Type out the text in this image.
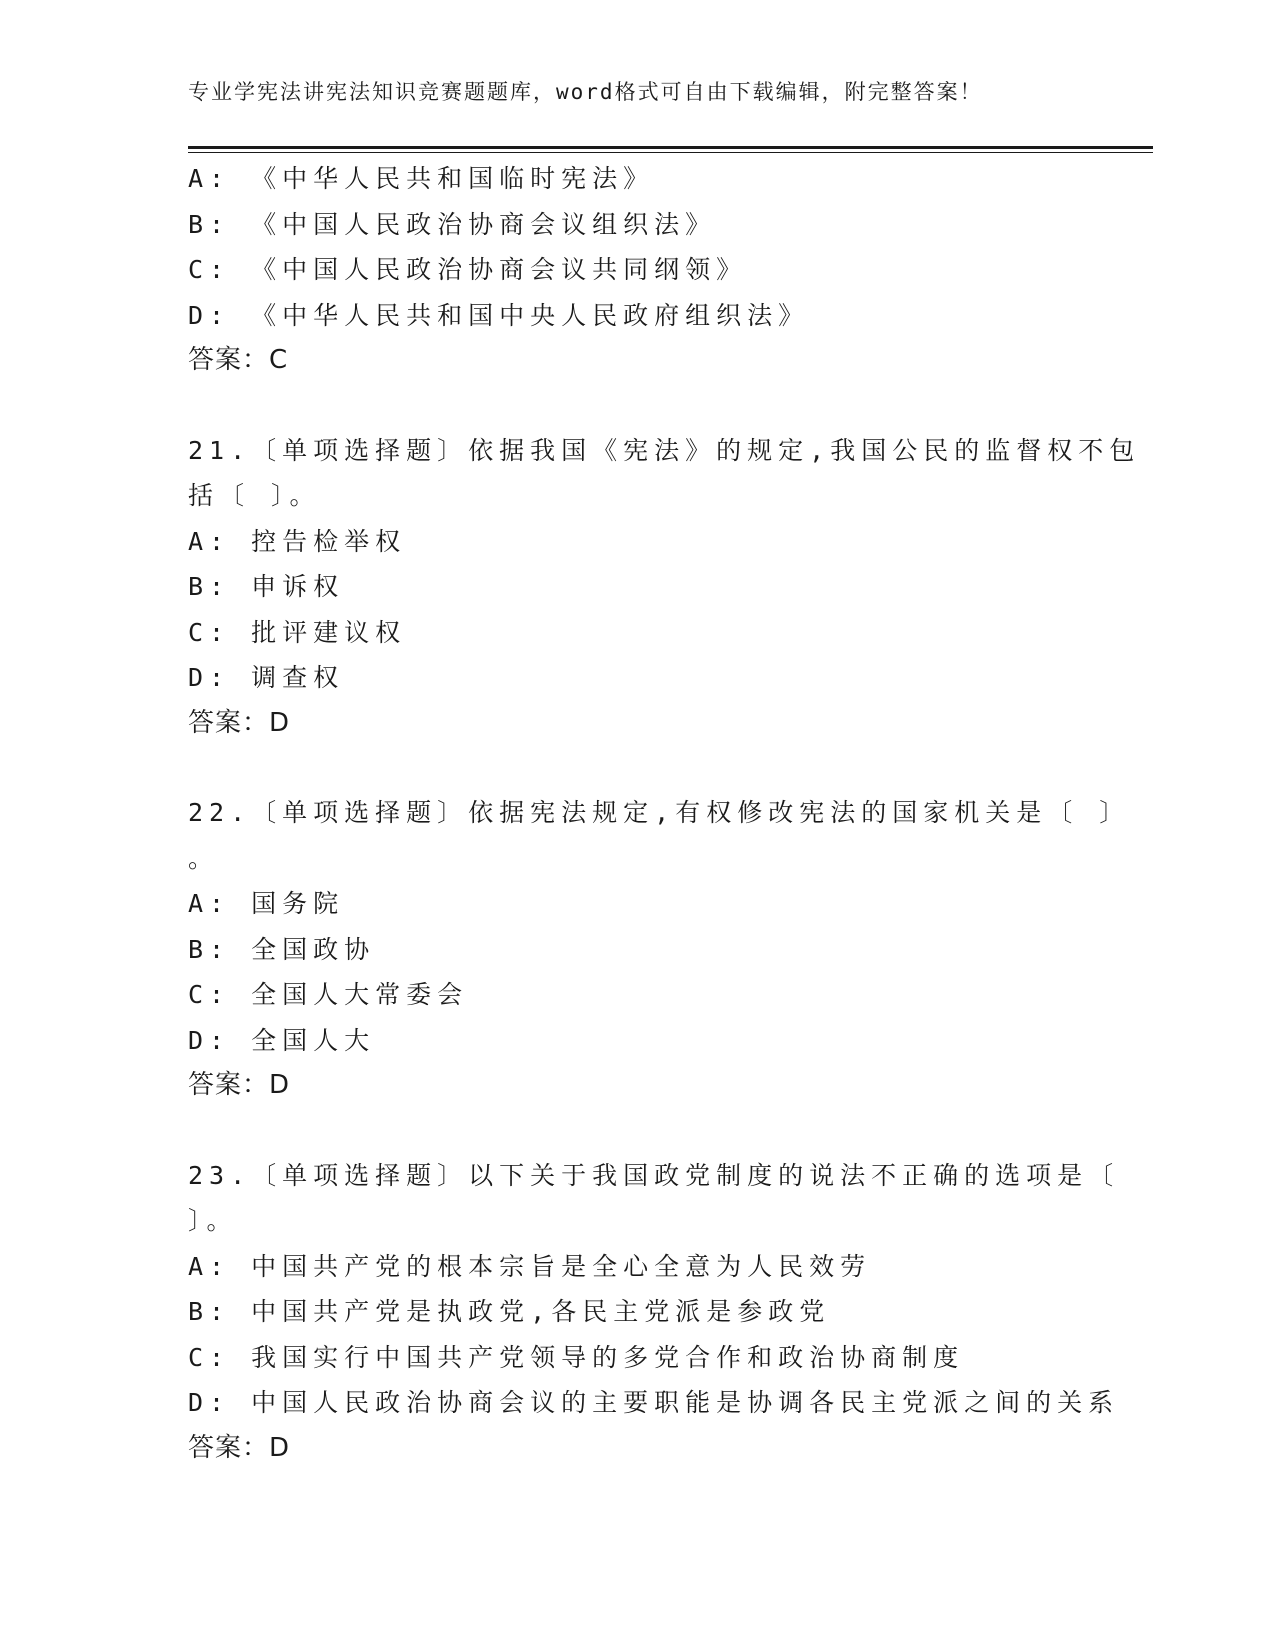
专业学宪法讲宪法知识竞赛题题库，word格式可自由下载编辑，附完整答案！
A: 《中华人民共和国临时宪法》
B: 《中国人民政治协商会议组织法》
C: 《中国人民政治协商会议共同纲领》
D: 《中华人民共和国中央人民政府组织法》
答案：C
21.〔单项选择题〕依据我国《宪法》的规定,我国公民的监督权不包
括〔 〕。
A: 控告检举权
B: 申诉权
C: 批评建议权
D: 调查权
答案：D
22.〔单项选择题〕依据宪法规定,有权修改宪法的国家机关是〔 〕
。
A: 国务院
B: 全国政协
C: 全国人大常委会
D: 全国人大
答案：D
23.〔单项选择题〕以下关于我国政党制度的说法不正确的选项是〔
〕。
A: 中国共产党的根本宗旨是全心全意为人民效劳
B: 中国共产党是执政党,各民主党派是参政党
C: 我国实行中国共产党领导的多党合作和政治协商制度
D: 中国人民政治协商会议的主要职能是协调各民主党派之间的关系
答案：D
